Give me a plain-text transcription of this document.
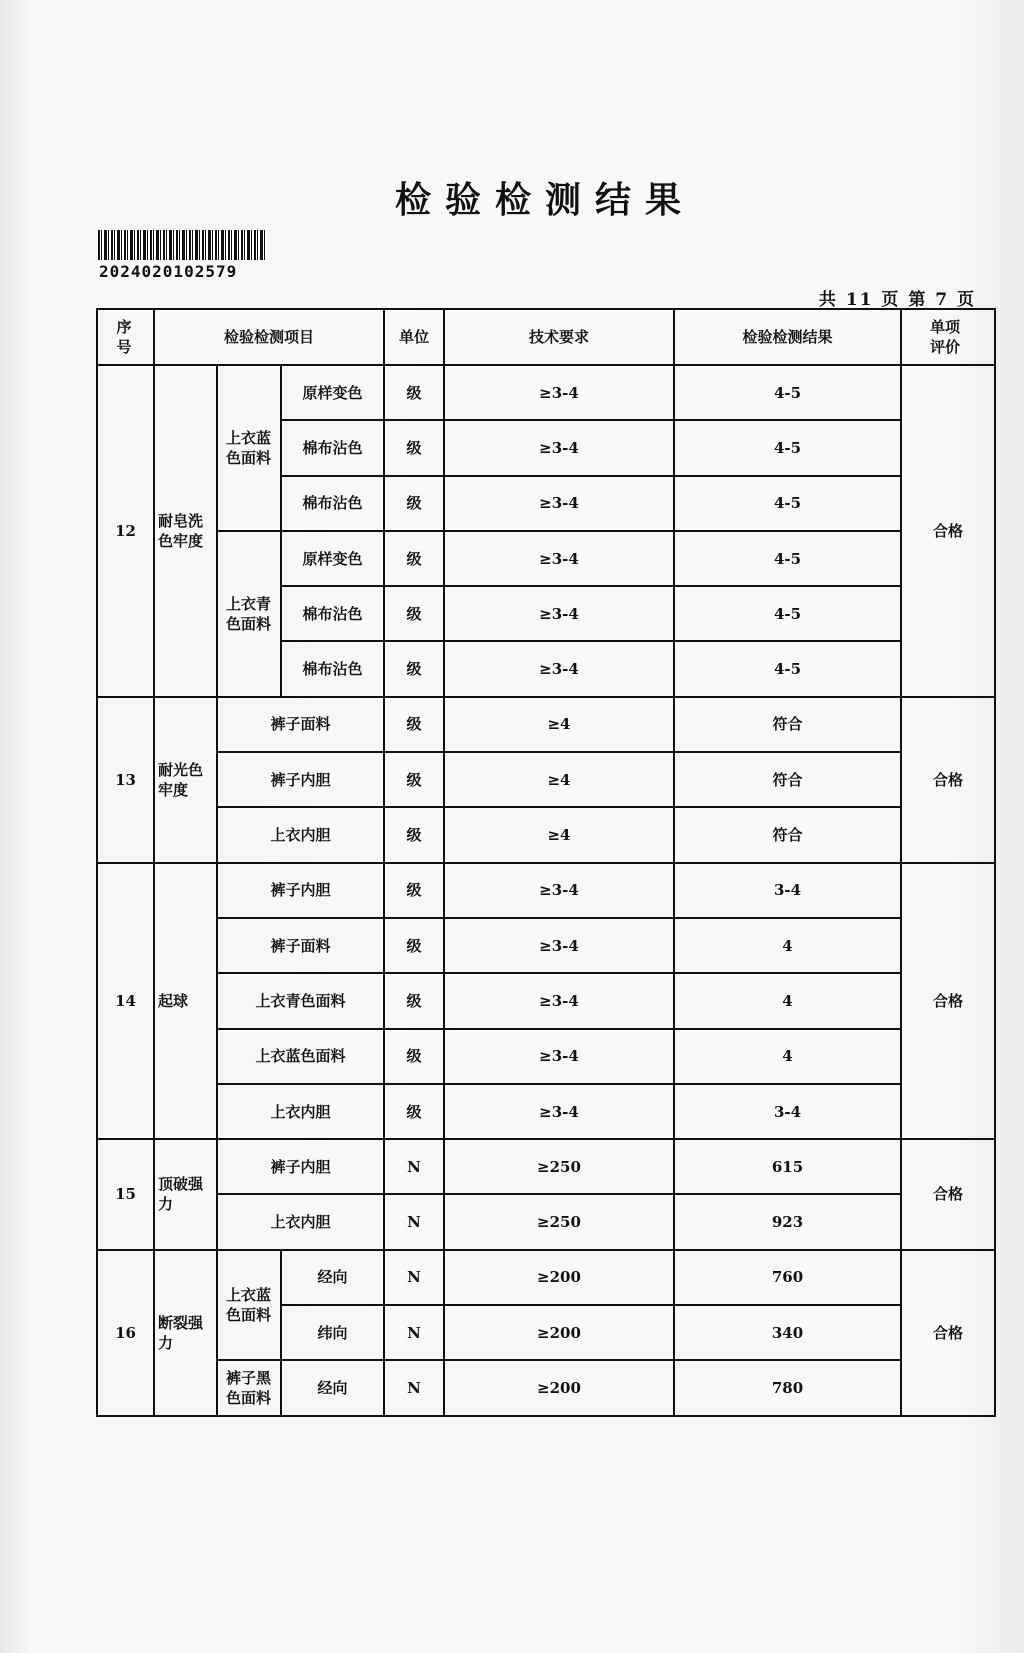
检验检测结果
2024020102579
共 11 页 第 7 页
序号	检验检测项目			单位	技术要求	检验检测结果	单项评价
12	耐皂洗色牢度	上衣蓝色面料	原样变色	级	≥3-4	4-5	合格
			棉布沾色	级	≥3-4	4-5	
			棉布沾色	级	≥3-4	4-5	
		上衣青色面料	原样变色	级	≥3-4	4-5	
			棉布沾色	级	≥3-4	4-5	
			棉布沾色	级	≥3-4	4-5	
13	耐光色牢度	裤子面料		级	≥4	符合	合格
		裤子内胆		级	≥4	符合	
		上衣内胆		级	≥4	符合	
14	起球	裤子内胆		级	≥3-4	3-4	合格
		裤子面料		级	≥3-4	4	
		上衣青色面料		级	≥3-4	4	
		上衣蓝色面料		级	≥3-4	4	
		上衣内胆		级	≥3-4	3-4	
15	顶破强力	裤子内胆		N	≥250	615	合格
		上衣内胆		N	≥250	923	
16	断裂强力	上衣蓝色面料	经向	N	≥200	760	合格
			纬向	N	≥200	340	
		裤子黑色面料	经向	N	≥200	780	
